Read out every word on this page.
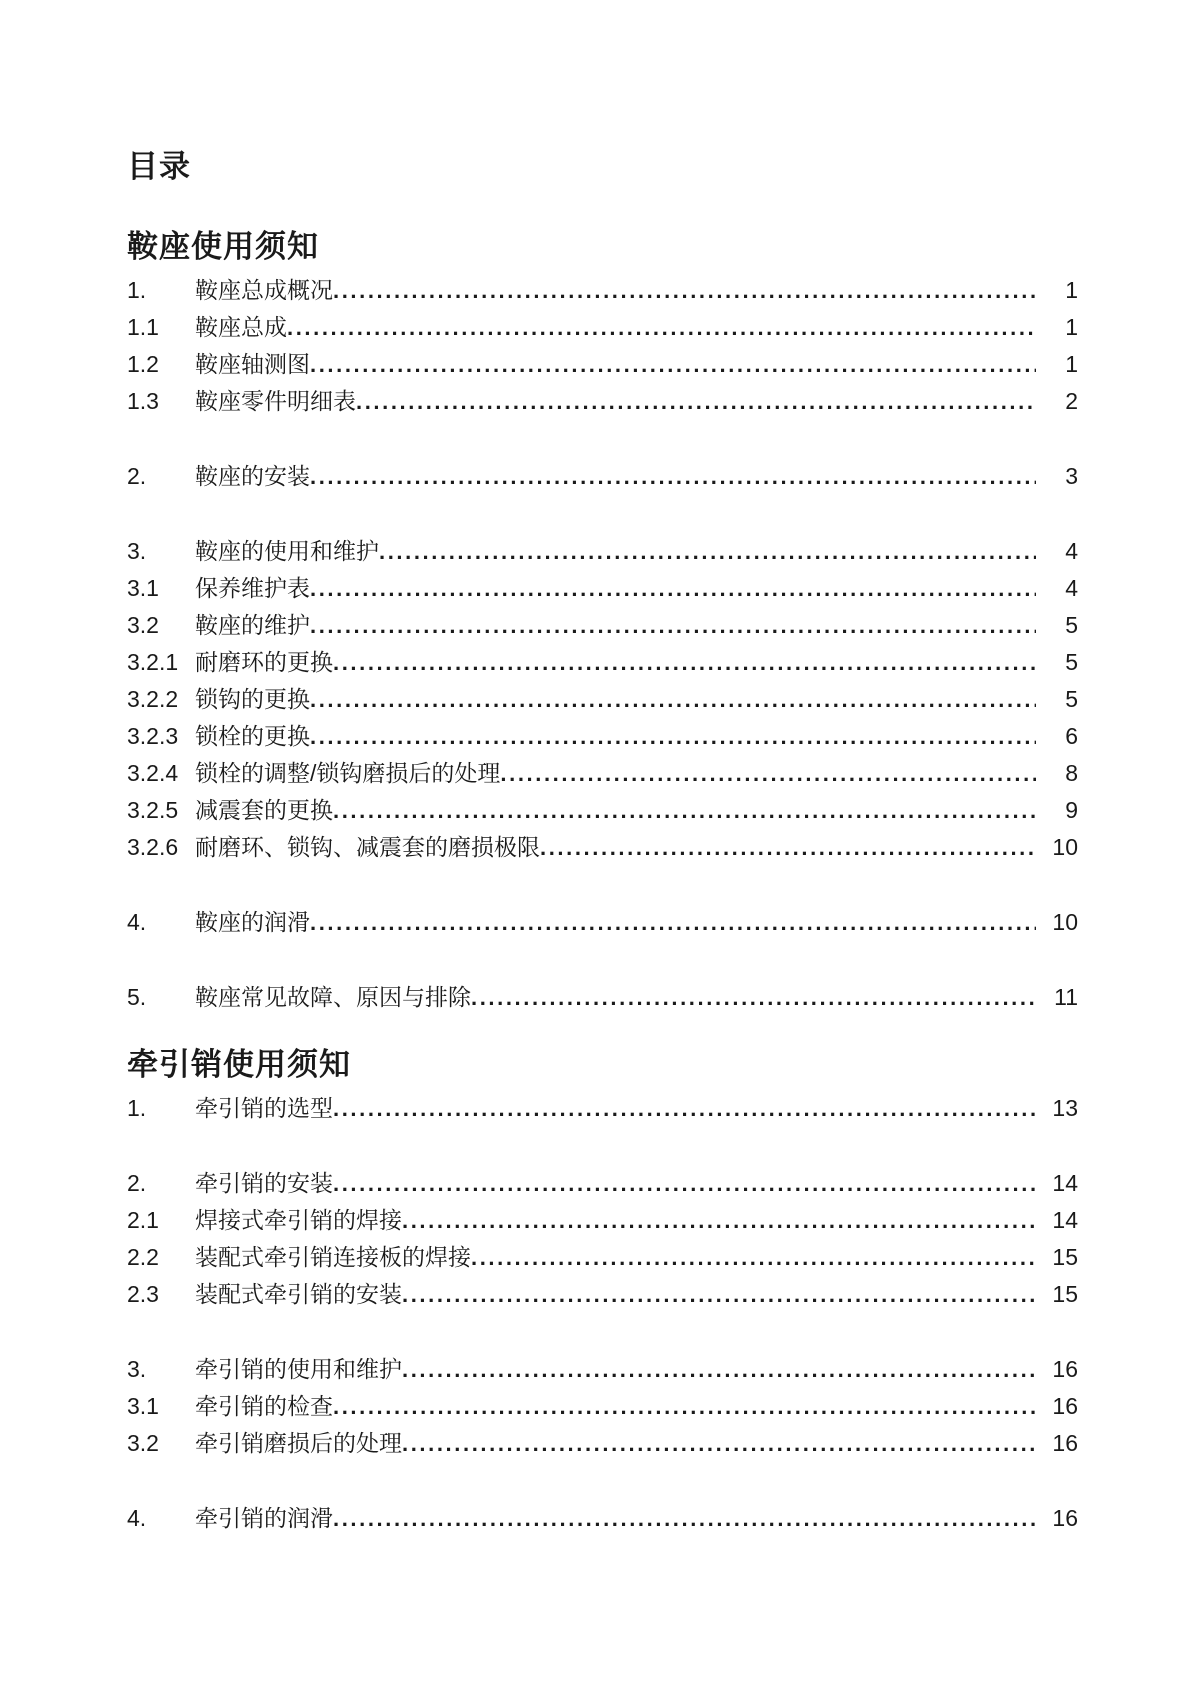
目录
鞍座使用须知
1.	鞍座总成概况 .....	1
1.1	鞍座总成 .....	1
1.2	鞍座轴测图 .....	1
1.3	鞍座零件明细表 .....	2
2.	鞍座的安装 .....	3
3.	鞍座的使用和维护 .....	4
3.1	保养维护表 .....	4
3.2	鞍座的维护 .....	5
3.2.1 耐磨环的更换 .....	5
3.2.2 锁钩的更换 .....	5
3.2.3 锁栓的更换 .....	6
3.2.4 锁栓的调整/锁钩磨损后的处理 .....	8
3.2.5 减震套的更换 .....	9
3.2.6 耐磨环、锁钩、减震套的磨损极限 .....	10
4.	鞍座的润滑 .....	10
5.	鞍座常见故障、原因与排除 .....	11
牵引销使用须知
1.	牵引销的选型 .....	13
2.	牵引销的安装 .....	14
2.1	焊接式牵引销的焊接 .....	14
2.2	装配式牵引销连接板的焊接 .....	15
2.3	装配式牵引销的安装 .....	15
3.	牵引销的使用和维护 .....	16
3.1	牵引销的检查 .....	16
3.2	牵引销磨损后的处理 .....	16
4.	牵引销的润滑 .....	16
